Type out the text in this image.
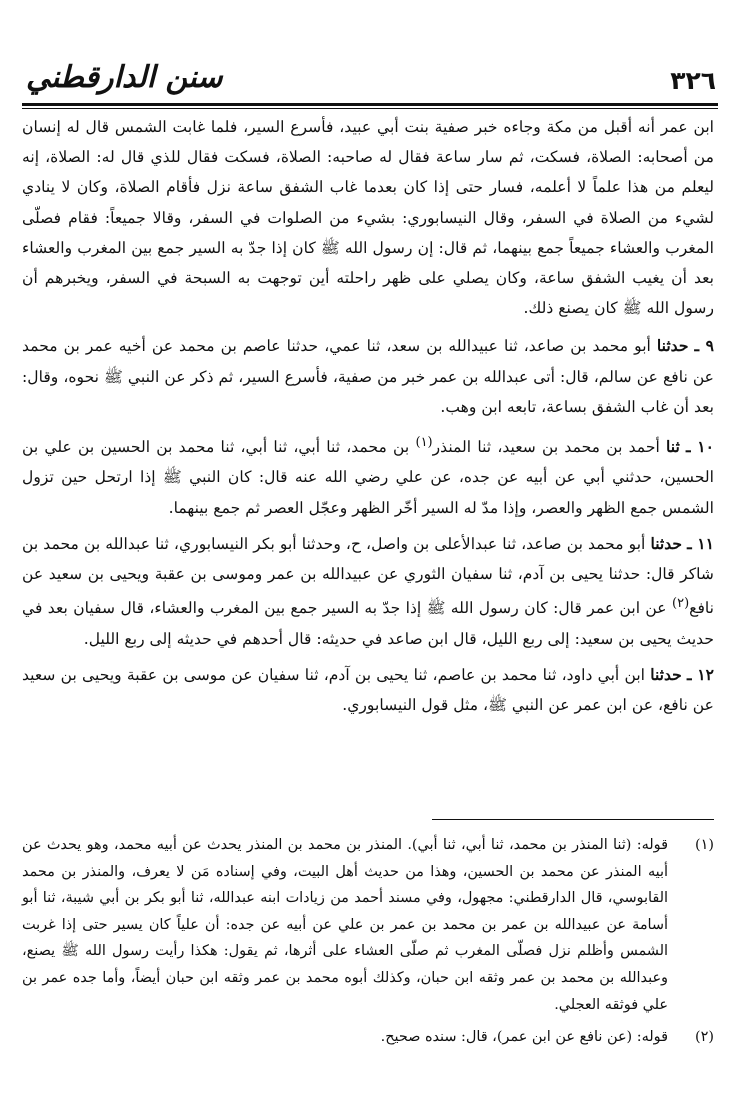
٣٢٦
سنن الدارقطني

ابن عمر أنه أقبل من مكة وجاءه خبر صفية بنت أبي عبيد، فأسرع السير، فلما غابت الشمس قال له إنسان من أصحابه: الصلاة، فسكت، ثم سار ساعة فقال له صاحبه: الصلاة، فسكت فقال للذي قال له: الصلاة، إنه ليعلم من هذا علماً لا أعلمه، فسار حتى إذا كان بعدما غاب الشفق ساعة نزل فأقام الصلاة، وكان لا ينادي لشيء من الصلاة في السفر، وقال النيسابوري: بشيء من الصلوات في السفر، وقالا جميعاً: فقام فصلّى المغرب والعشاء جميعاً جمع بينهما، ثم قال: إن رسول الله ﷺ كان إذا جدّ به السير جمع بين المغرب والعشاء بعد أن يغيب الشفق ساعة، وكان يصلي على ظهر راحلته أين توجهت به السبحة في السفر، ويخبرهم أن رسول الله ﷺ كان يصنع ذلك.

٩ ـ حدثنا أبو محمد بن صاعد، ثنا عبيدالله بن سعد، ثنا عمي، حدثنا عاصم بن محمد عن أخيه عمر بن محمد عن نافع عن سالم، قال: أتى عبدالله بن عمر خبر من صفية، فأسرع السير، ثم ذكر عن النبي ﷺ نحوه، وقال: بعد أن غاب الشفق بساعة، تابعه ابن وهب.

١٠ ـ ثنا أحمد بن محمد بن سعيد، ثنا المنذر$^{(١)}$ بن محمد، ثنا أبي، ثنا أبي، ثنا محمد بن الحسين بن علي بن الحسين، حدثني أبي عن أبيه عن جده، عن علي رضي الله عنه قال: كان النبي ﷺ إذا ارتحل حين تزول الشمس جمع الظهر والعصر، وإذا مدّ له السير أخّر الظهر وعجّل العصر ثم جمع بينهما.

١١ ـ حدثنا أبو محمد بن صاعد، ثنا عبدالأعلى بن واصل، ح، وحدثنا أبو بكر النيسابوري، ثنا عبدالله بن محمد بن شاكر قال: حدثنا يحيى بن آدم، ثنا سفيان الثوري عن عبيدالله بن عمر وموسى بن عقبة ويحيى بن سعيد عن نافع$^{(٢)}$ عن ابن عمر قال: كان رسول الله ﷺ إذا جدّ به السير جمع بين المغرب والعشاء، قال سفيان بعد في حديث يحيى بن سعيد: إلى ربع الليل، قال ابن صاعد في حديثه: قال أحدهم في حديثه إلى ربع الليل.

١٢ ـ حدثنا ابن أبي داود، ثنا محمد بن عاصم، ثنا يحيى بن آدم، ثنا سفيان عن موسى بن عقبة ويحيى بن سعيد عن نافع، عن ابن عمر عن النبي ﷺ، مثل قول النيسابوري.

(١)
قوله: (ثنا المنذر بن محمد، ثنا أبي، ثنا أبي). المنذر بن محمد بن المنذر يحدث عن أبيه محمد، وهو يحدث عن أبيه المنذر عن محمد بن الحسين، وهذا من حديث أهل البيت، وفي إسناده مَن لا يعرف، والمنذر بن محمد القابوسي، قال الدارقطني: مجهول، وفي مسند أحمد من زيادات ابنه عبدالله، ثنا أبو بكر بن أبي شيبة، ثنا أبو أسامة عن عبيدالله بن عمر بن محمد بن عمر بن علي عن أبيه عن جده: أن علياً كان يسير حتى إذا غربت الشمس وأظلم نزل فصلّى المغرب ثم صلّى العشاء على أثرها، ثم يقول: هكذا رأيت رسول الله ﷺ يصنع، وعبدالله بن محمد بن عمر وثقه ابن حبان، وكذلك أبوه محمد بن عمر وثقه ابن حبان أيضاً، وأما جده عمر بن علي فوثقه العجلي.

(٢)
قوله: (عن نافع عن ابن عمر)، قال: سنده صحيح.
